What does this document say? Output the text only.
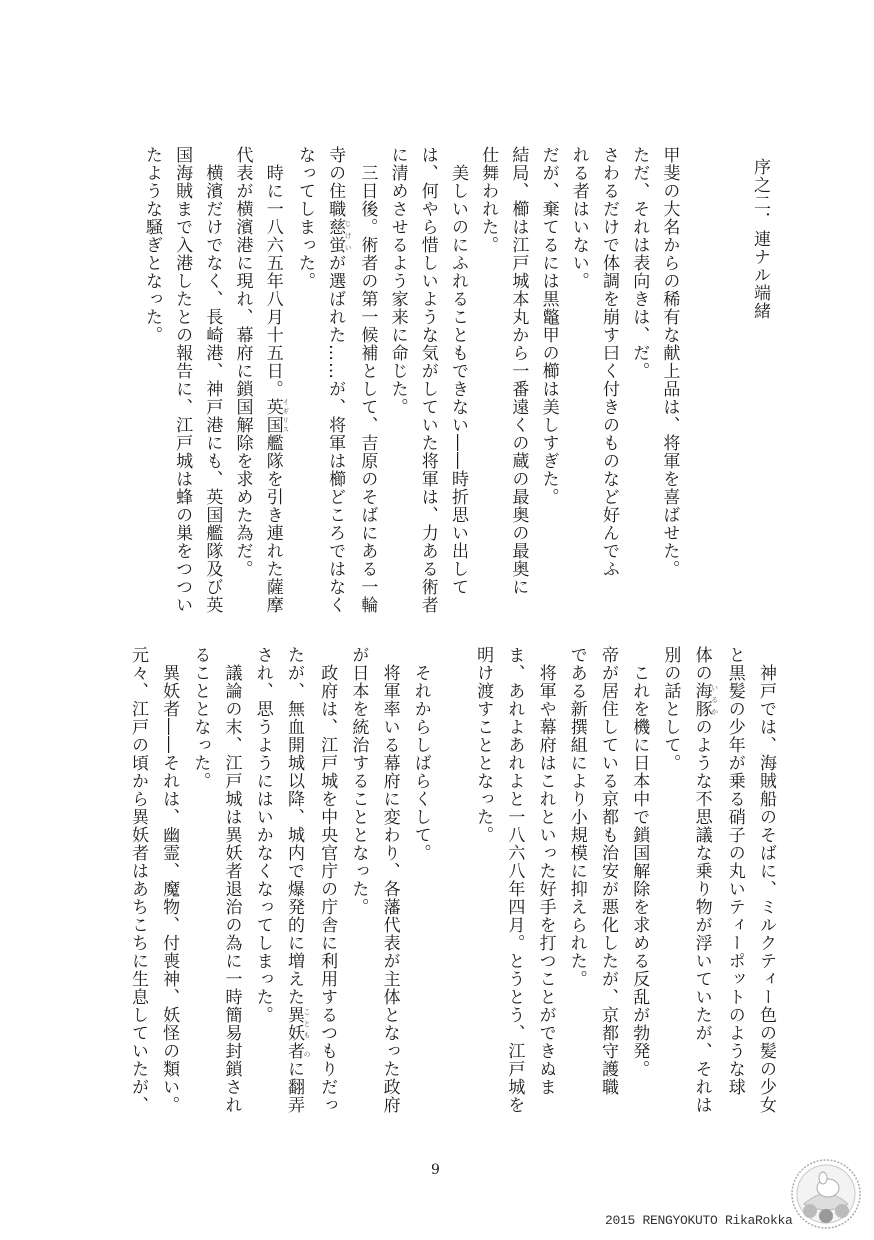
序之二．連ナル端緒
甲斐の大名からの稀有な献上品は、将軍を喜ばせた。
ただ、それは表向きは、だ。
さわるだけで体調を崩す曰く付きのものなど好んでふ
れる者はいない。
だが、棄てるには黒鼈甲の櫛は美しすぎた。
結局、櫛は江戸城本丸から一番遠くの蔵の最奥の最奥に
仕舞われた。
　美しいのにふれることもできない――時折思い出して
は、何やら惜しいような気がしていた将軍は、力ある術者
に清めさせるよう家来に命じた。
　三日後。術者の第一候補として、吉原のそばにある一輪
寺の住職慈蛍 じけいが選ばれた……が、将軍は櫛どころではなく
なってしまった。
　時に一八六五年八月十五日。英国 イギリス艦隊を引き連れた薩摩
代表が横濱港に現れ、幕府に鎖国解除を求めた為だ。
　横濱だけでなく、長崎港、神戸港にも、英国艦隊及び英
国海賊まで入港したとの報告に、江戸城は蜂の巣をつつい
たような騒ぎとなった。
　神戸では、海賊船のそばに、ミルクティー色の髪の少女
と黒髪の少年が乗る硝子の丸いティーポットのような球
体の海豚 いるかのような不思議な乗り物が浮いていたが、それは
別の話として。
　これを機に日本中で鎖国解除を求める反乱が勃発。
帝が居住している京都も治安が悪化したが、京都守護職
である新撰組により小規模に抑えられた。
　将軍や幕府はこれといった好手を打つことができぬま
ま、あれよあれよと一八六八年四月。とうとう、江戸城を
明け渡すこととなった。
　それからしばらくして。
　将軍率いる幕府に変わり、各藩代表が主体となった政府
が日本を統治することとなった。
　政府は、江戸城を中央官庁の庁舎に利用するつもりだっ
たが、無血開城以降、城内で爆発的に増えた異妖者 ことも のに翻弄
され、思うようにはいかなくなってしまった。
　議論の末、江戸城は異妖者退治の為に一時簡易封鎖され
ることとなった。
　異妖者――それは、幽霊、魔物、付喪神、妖怪の類い。
元々、江戸の頃から異妖者はあちこちに生息していたが、
9
2015 RENGYOKUTO RikaRokka
